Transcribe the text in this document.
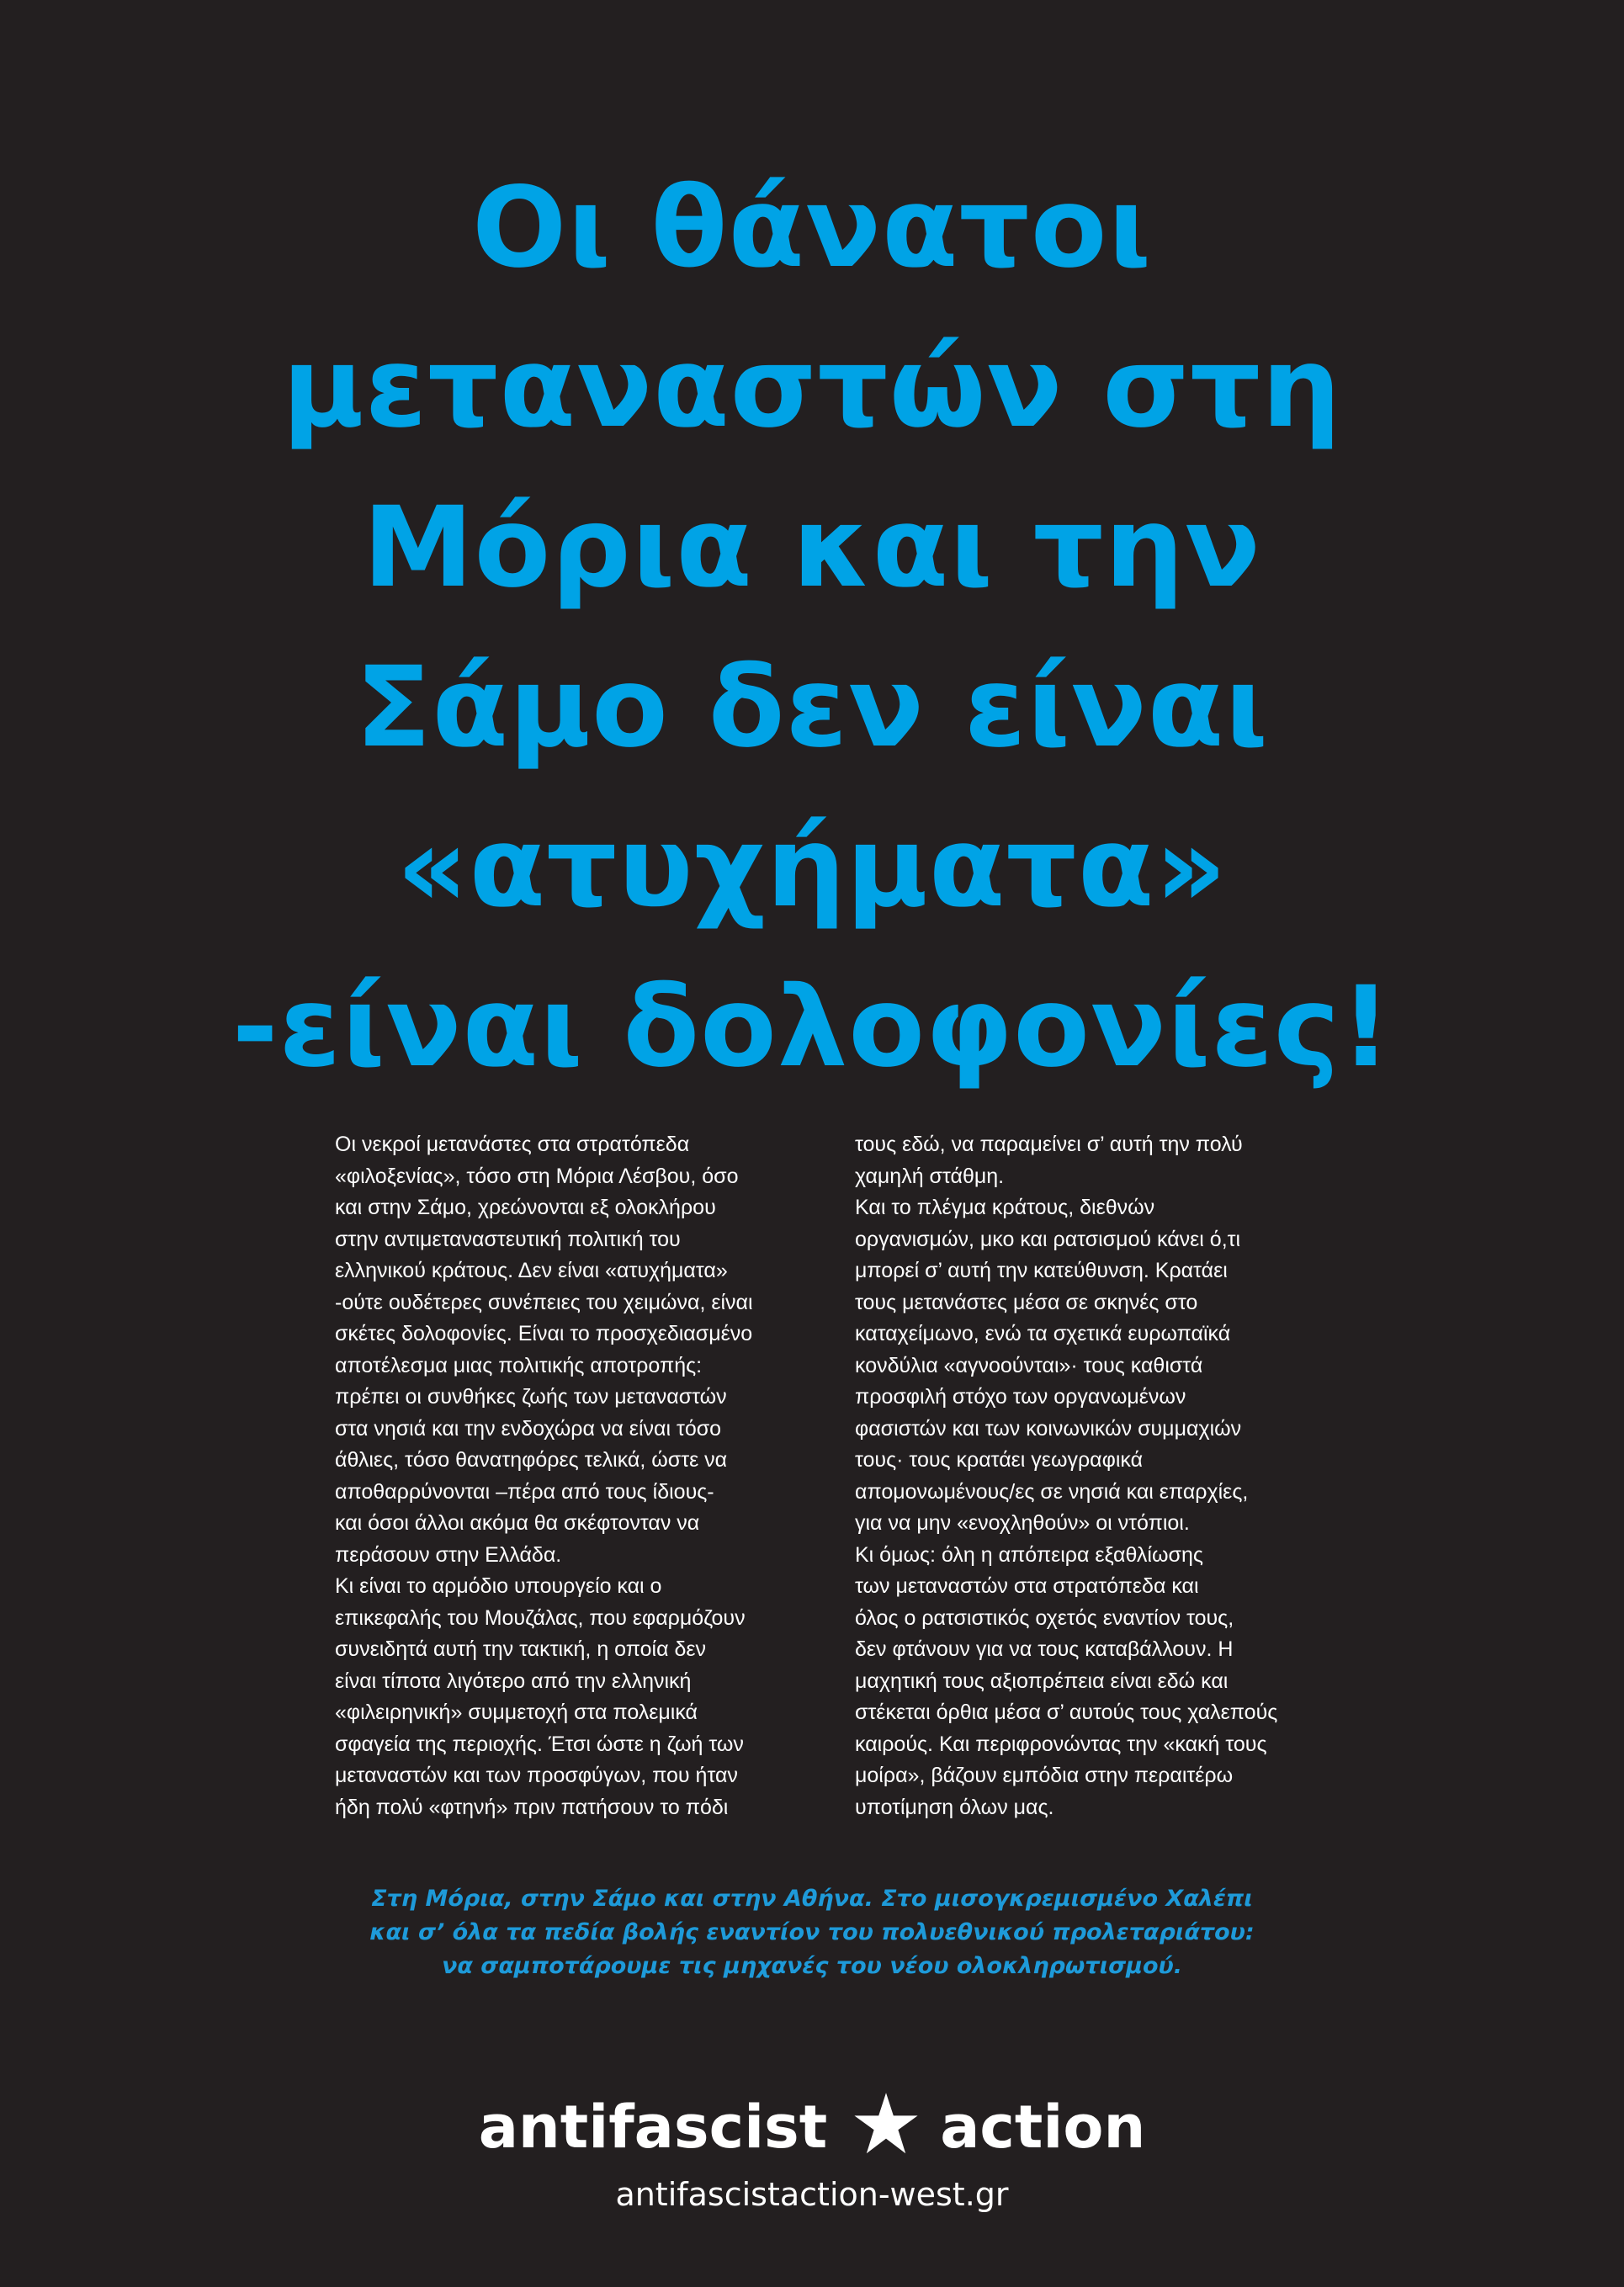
Οι θάνατοι
μεταναστών στη
Μόρια και την
Σάμο δεν είναι
«ατυχήματα»
-είναι δολοφονίες!
Οι νεκροί μετανάστες στα στρατόπεδα
«φιλοξενίας», τόσο στη Μόρια Λέσβου, όσο
και στην Σάμο, χρεώνονται εξ ολοκλήρου
στην αντιμεταναστευτική πολιτική του
ελληνικού κράτους. Δεν είναι «ατυχήματα»
-ούτε ουδέτερες συνέπειες του χειμώνα, είναι
σκέτες δολοφονίες. Είναι το προσχεδιασμένο
αποτέλεσμα μιας πολιτικής αποτροπής:
πρέπει οι συνθήκες ζωής των μεταναστών
στα νησιά και την ενδοχώρα να είναι τόσο
άθλιες, τόσο θανατηφόρες τελικά, ώστε να
αποθαρρύνονται –πέρα από τους ίδιους-
και όσοι άλλοι ακόμα θα σκέφτονταν να
περάσουν στην Ελλάδα.
Κι είναι το αρμόδιο υπουργείο και ο
επικεφαλής του Μουζάλας, που εφαρμόζουν
συνειδητά αυτή την τακτική, η οποία δεν
είναι τίποτα λιγότερο από την ελληνική
«φιλειρηνική» συμμετοχή στα πολεμικά
σφαγεία της περιοχής. Έτσι ώστε η ζωή των
μεταναστών και των προσφύγων, που ήταν
ήδη πολύ «φτηνή» πριν πατήσουν το πόδι
τους εδώ, να παραμείνει σ’ αυτή την πολύ
χαμηλή στάθμη.
Και το πλέγμα κράτους, διεθνών
οργανισμών, μκο και ρατσισμού κάνει ό,τι
μπορεί σ’ αυτή την κατεύθυνση. Κρατάει
τους μετανάστες μέσα σε σκηνές στο
καταχείμωνο, ενώ τα σχετικά ευρωπαϊκά
κονδύλια «αγνοούνται»· τους καθιστά
προσφιλή στόχο των οργανωμένων
φασιστών και των κοινωνικών συμμαχιών
τους· τους κρατάει γεωγραφικά
απομονωμένους/ες σε νησιά και επαρχίες,
για να μην «ενοχληθούν» οι ντόπιοι.
Κι όμως: όλη η απόπειρα εξαθλίωσης
των μεταναστών στα στρατόπεδα και
όλος ο ρατσιστικός οχετός εναντίον τους,
δεν φτάνουν για να τους καταβάλλουν. Η
μαχητική τους αξιοπρέπεια είναι εδώ και
στέκεται όρθια μέσα σ’ αυτούς τους χαλεπούς
καιρούς. Και περιφρονώντας την «κακή τους
μοίρα», βάζουν εμπόδια στην περαιτέρω
υποτίμηση όλων μας.
Στη Μόρια, στην Σάμο και στην Αθήνα. Στο μισογκρεμισμένο Χαλέπι
και σ’ όλα τα πεδία βολής εναντίον του πολυεθνικού προλεταριάτου:
να σαμποτάρουμε τις μηχανές του νέου ολοκληρωτισμού.
antifascist action
antifascistaction-west.gr
